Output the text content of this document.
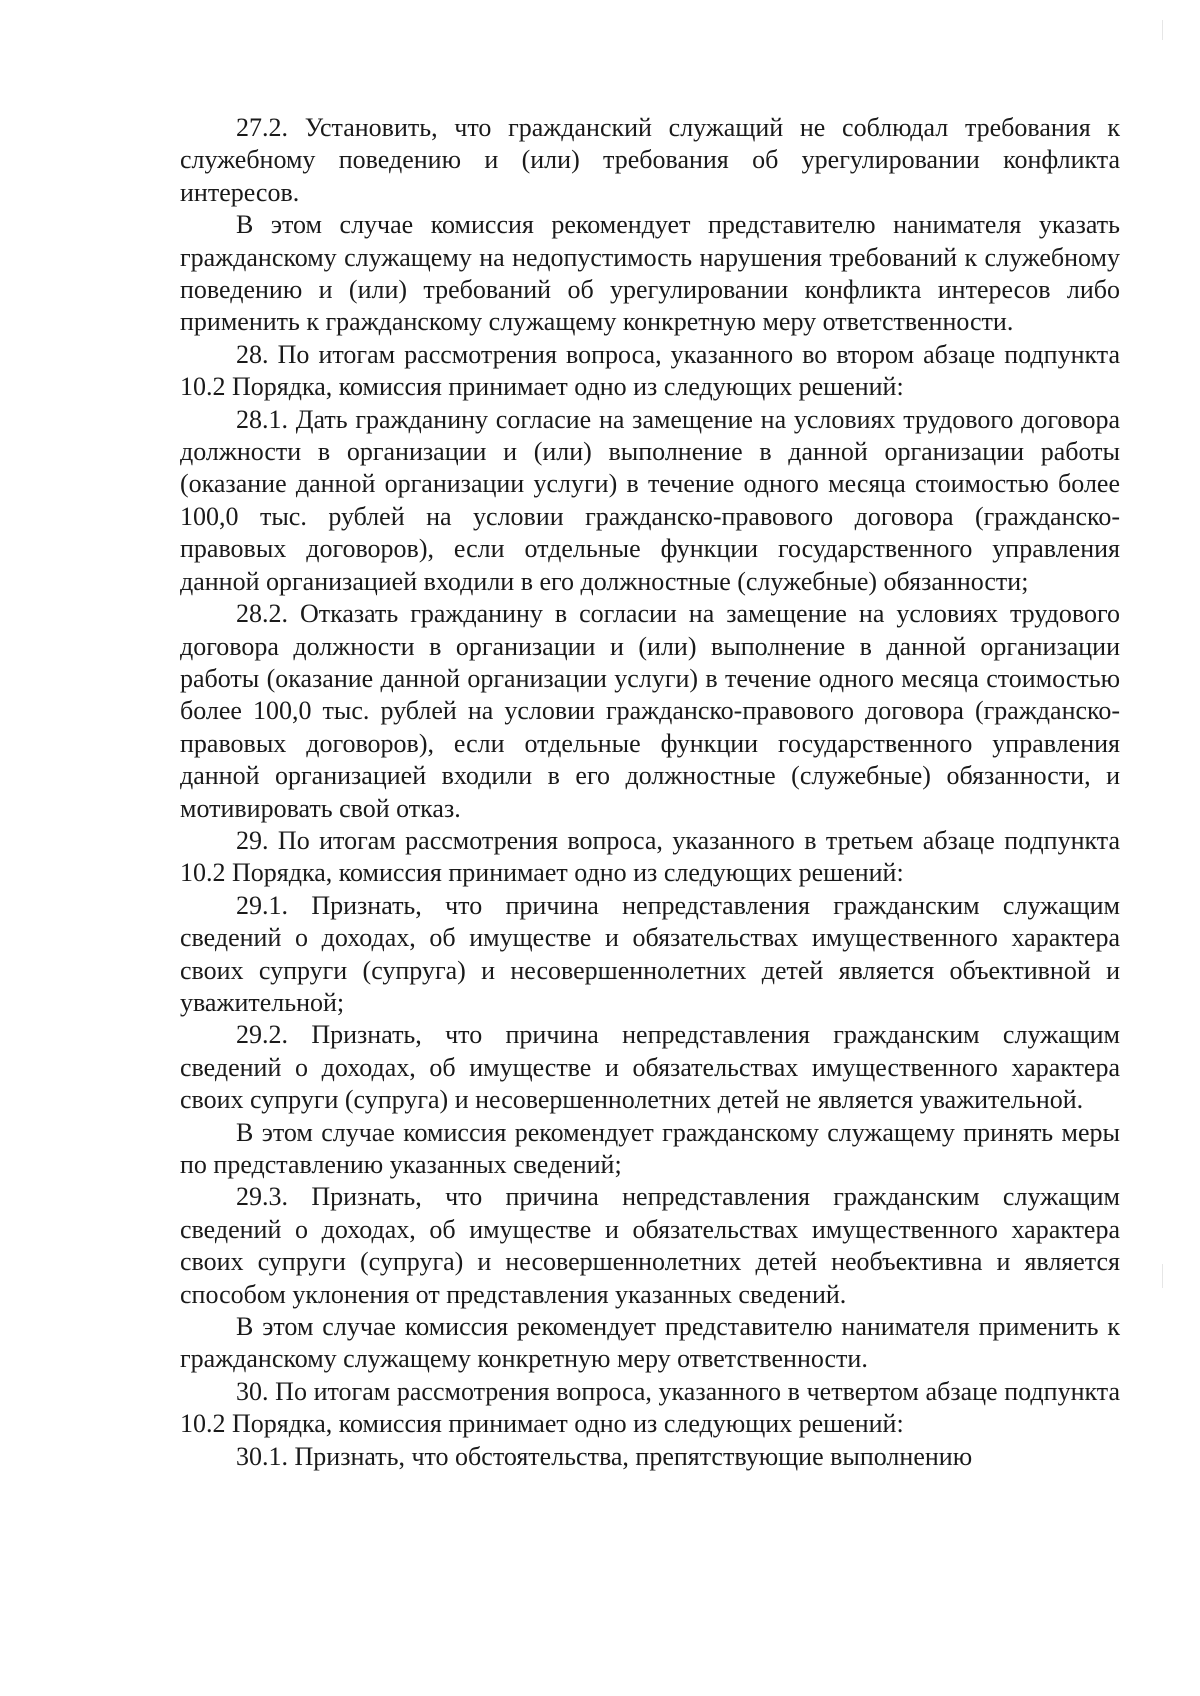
27.2. Установить, что гражданский служащий не соблюдал требования к служебному поведению и (или) требования об урегулировании конфликта интересов.

В этом случае комиссия рекомендует представителю нанимателя указать гражданскому служащему на недопустимость нарушения требований к служебному поведению и (или) требований об урегулировании конфликта интересов либо применить к гражданскому служащему конкретную меру ответственности.

28. По итогам рассмотрения вопроса, указанного во втором абзаце подпункта 10.2 Порядка, комиссия принимает одно из следующих решений:

28.1. Дать гражданину согласие на замещение на условиях трудового договора должности в организации и (или) выполнение в данной организации работы (оказание данной организации услуги) в течение одного месяца стоимостью более 100,0 тыс. рублей на условии гражданско-правового договора (гражданско-правовых договоров), если отдельные функции государственного управления данной организацией входили в его должностные (служебные) обязанности;

28.2. Отказать гражданину в согласии на замещение на условиях трудового договора должности в организации и (или) выполнение в данной организации работы (оказание данной организации услуги) в течение одного месяца стоимостью более 100,0 тыс. рублей на условии гражданско-правового договора (гражданско-правовых договоров), если отдельные функции государственного управления данной организацией входили в его должностные (служебные) обязанности, и мотивировать свой отказ.

29. По итогам рассмотрения вопроса, указанного в третьем абзаце подпункта 10.2 Порядка, комиссия принимает одно из следующих решений:

29.1. Признать, что причина непредставления гражданским служащим сведений о доходах, об имуществе и обязательствах имущественного характера своих супруги (супруга) и несовершеннолетних детей является объективной и уважительной;

29.2. Признать, что причина непредставления гражданским служащим сведений о доходах, об имуществе и обязательствах имущественного характера своих супруги (супруга) и несовершеннолетних детей не является уважительной.

В этом случае комиссия рекомендует гражданскому служащему принять меры по представлению указанных сведений;

29.3. Признать, что причина непредставления гражданским служащим сведений о доходах, об имуществе и обязательствах имущественного характера своих супруги (супруга) и несовершеннолетних детей необъективна и является способом уклонения от представления указанных сведений.

В этом случае комиссия рекомендует представителю нанимателя применить к гражданскому служащему конкретную меру ответственности.

30. По итогам рассмотрения вопроса, указанного в четвертом абзаце подпункта 10.2 Порядка, комиссия принимает одно из следующих решений:

30.1. Признать, что обстоятельства, препятствующие выполнению
